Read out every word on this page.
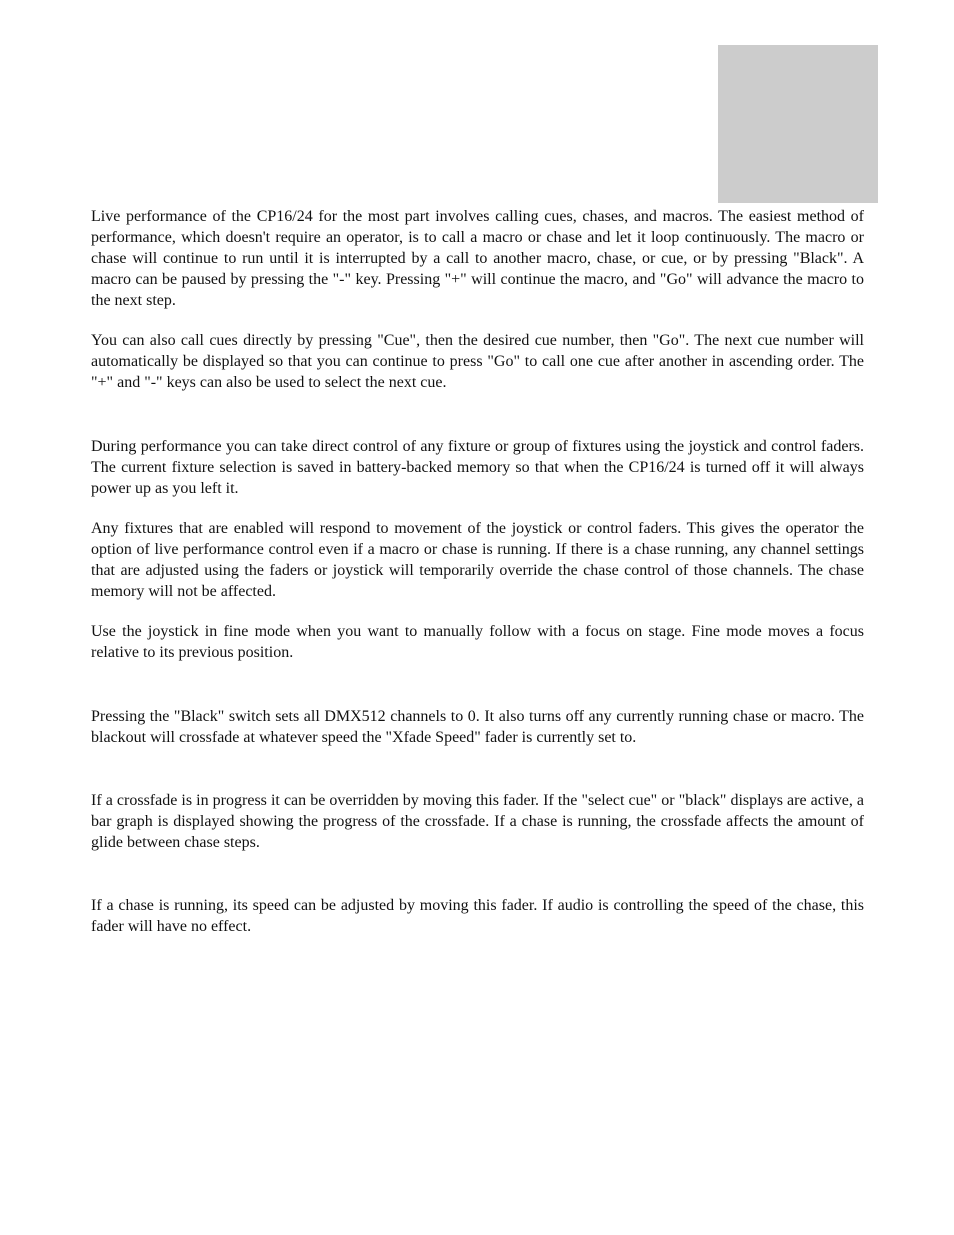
Live performance of the CP16/24 for the most part involves calling cues, chases, and macros. The easiest method of performance, which doesn't require an operator, is to call a macro or chase and let it loop continuously. The macro or chase will continue to run until it is interrupted by a call to another macro, chase, or cue, or by pressing "Black". A macro can be paused by pressing the "-" key. Pressing "+" will continue the macro, and "Go" will advance the macro to the next step.

You can also call cues directly by pressing "Cue", then the desired cue number, then "Go". The next cue number will automatically be displayed so that you can continue to press "Go" to call one cue after another in ascending order. The "+" and "-" keys can also be used to select the next cue.

During performance you can take direct control of any fixture or group of fixtures using the joystick and control faders. The current fixture selection is saved in battery-backed memory so that when the CP16/24 is turned off it will always power up as you left it.

Any fixtures that are enabled will respond to movement of the joystick or control faders. This gives the operator the option of live performance control even if a macro or chase is running. If there is a chase running, any channel settings that are adjusted using the faders or joystick will temporarily override the chase control of those channels. The chase memory will not be affected.

Use the joystick in fine mode when you want to manually follow with a focus on stage. Fine mode moves a focus relative to its previous position.

Pressing the "Black" switch sets all DMX512 channels to 0. It also turns off any currently running chase or macro. The blackout will crossfade at whatever speed the "Xfade Speed" fader is currently set to.

If a crossfade is in progress it can be overridden by moving this fader. If the "select cue" or "black" displays are active, a bar graph is displayed showing the progress of the crossfade. If a chase is running, the crossfade affects the amount of glide between chase steps.

If a chase is running, its speed can be adjusted by moving this fader. If audio is controlling the speed of the chase, this fader will have no effect.
